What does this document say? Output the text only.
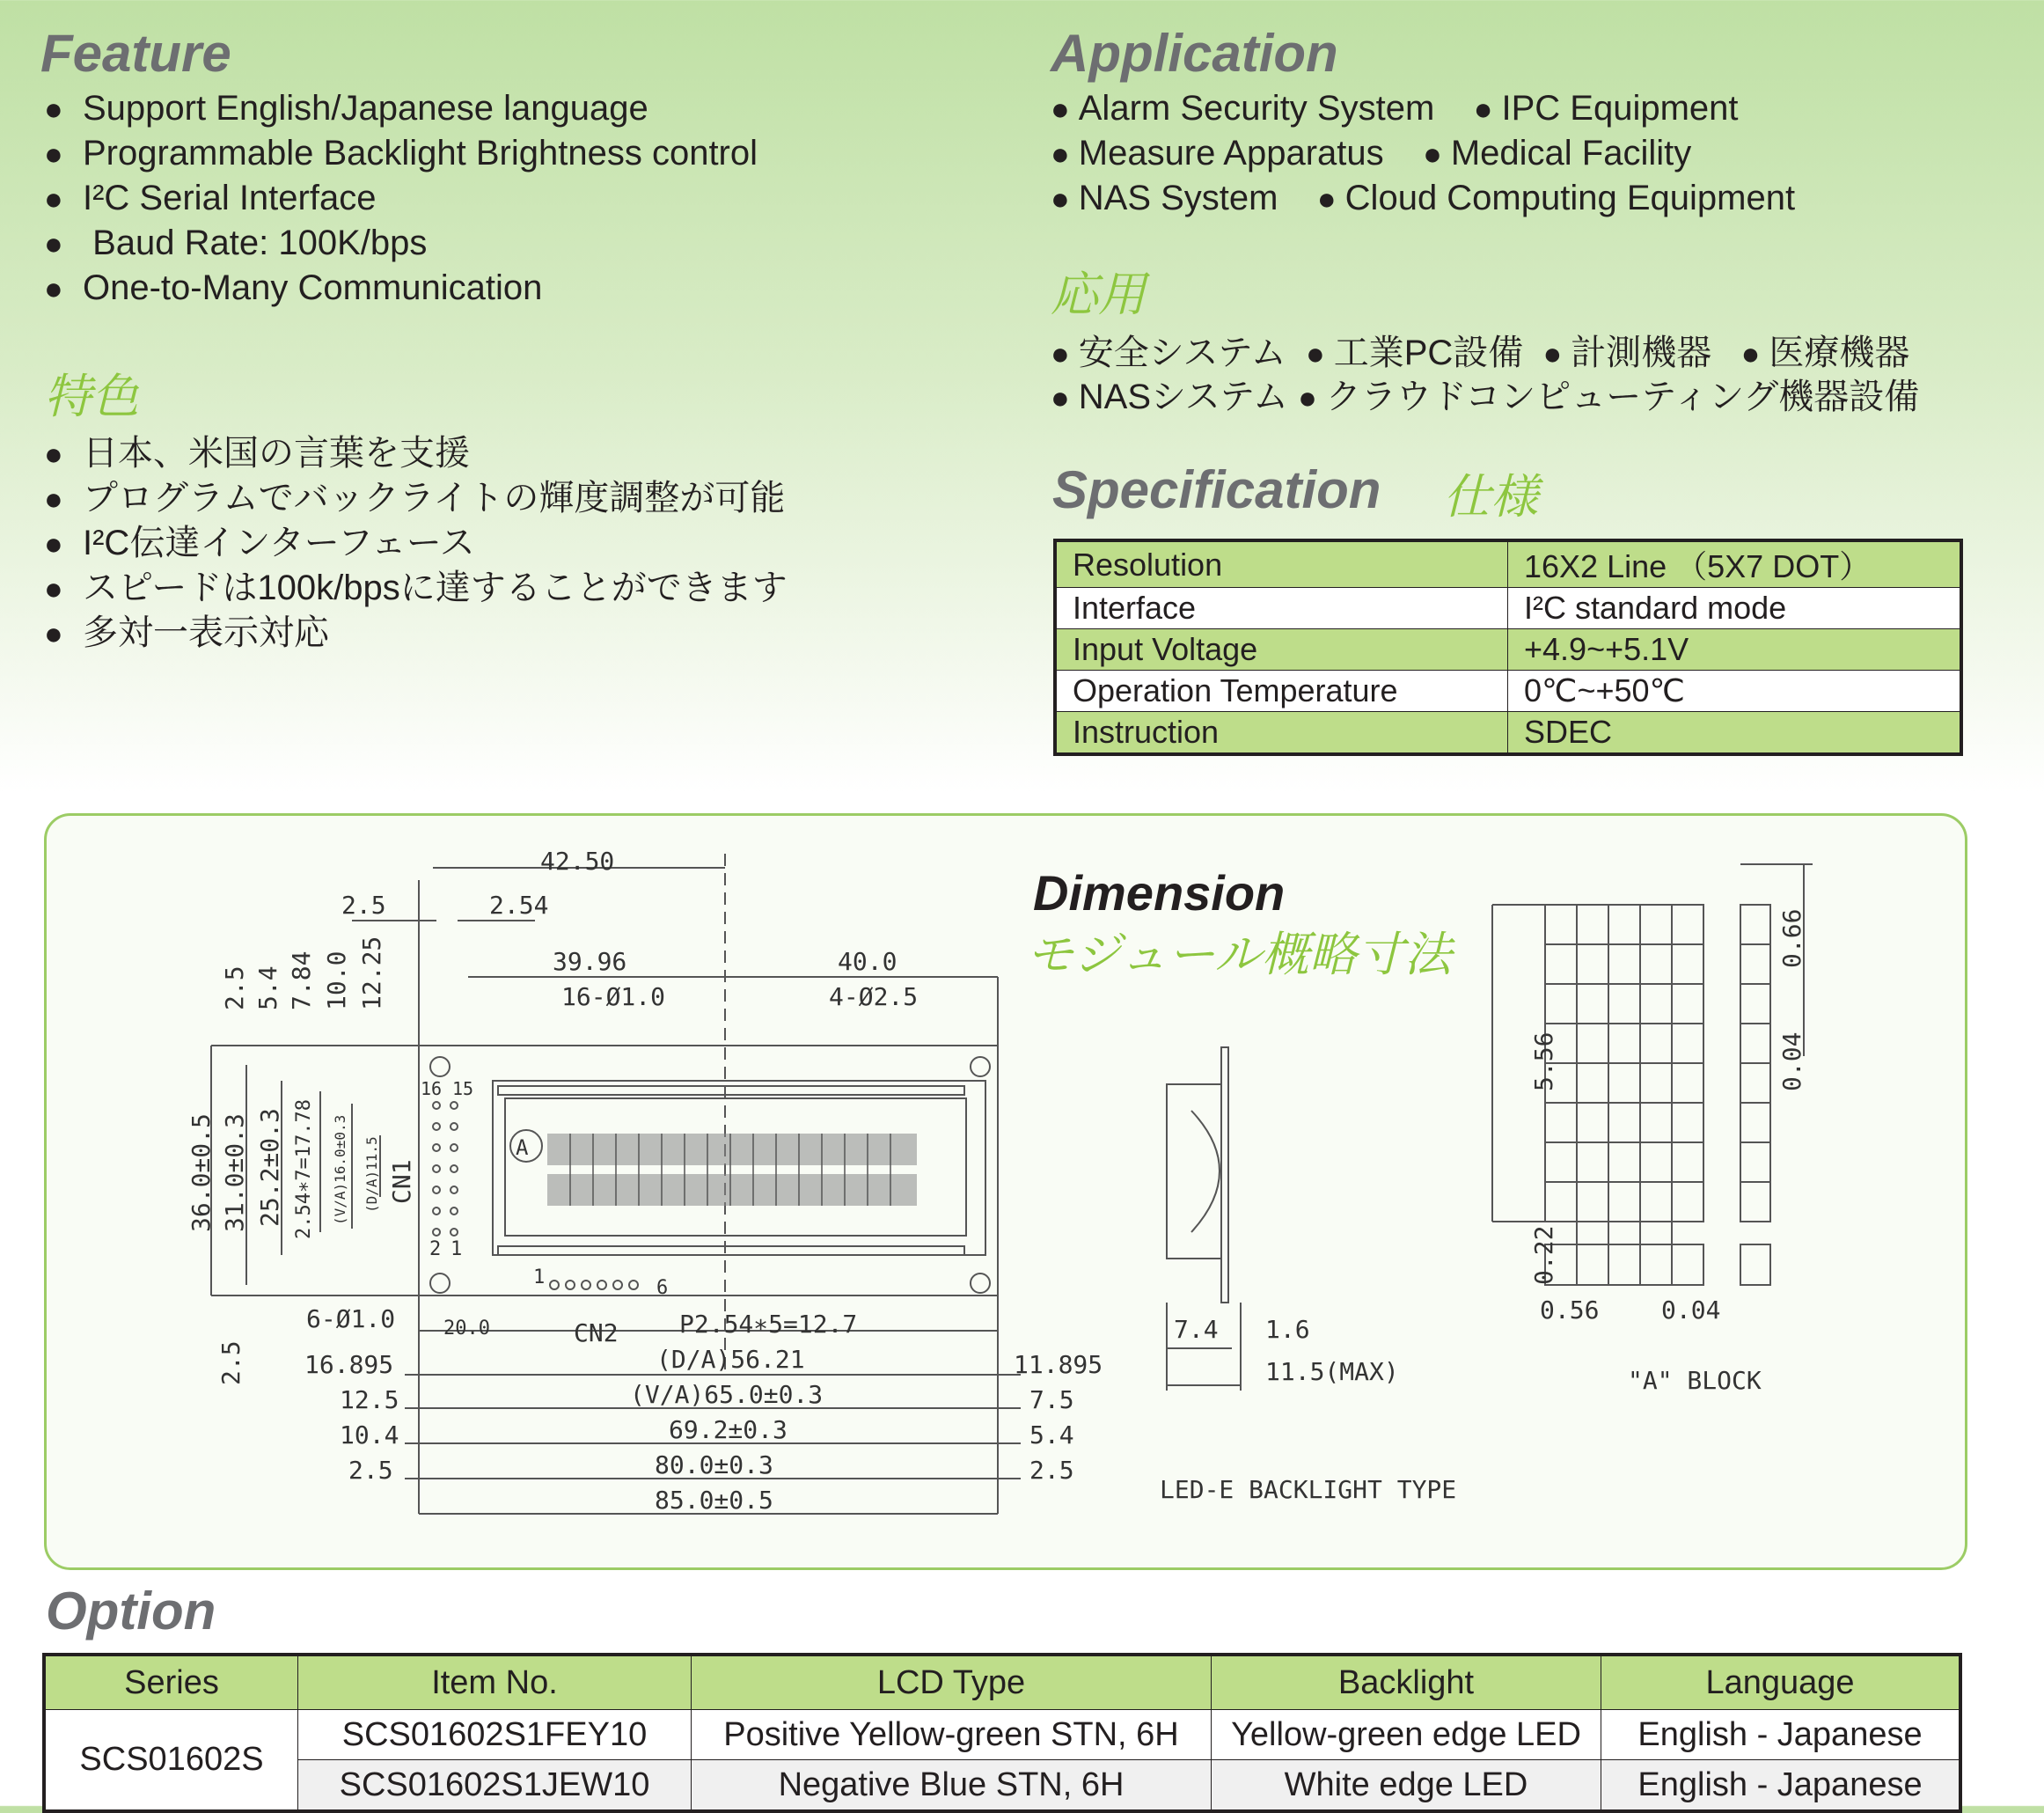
Feature
● Support English/Japanese language
● Programmable Backlight Brightness control
● I²C Serial Interface
● Baud Rate: 100K/bps
● One-to-Many Communication
特色
● 日本、米国の言葉を支援
● プログラムでバックライトの輝度調整が可能
● I²C伝達インターフェース
● スピードは100k/bpsに達することができます
● 多対一表示対応
Application
● Alarm Security System ● IPC Equipment
● Measure Apparatus ● Medical Facility
● NAS System ● Cloud Computing Equipment
応用
● 安全システム ● 工業PC設備 ● 計測機器 ● 医療機器
● NASシステム ● クラウドコンピューティング機器設備
Specification 仕様
Resolution	16X2 Line （5X7 DOT）
Interface	I²C standard mode
Input Voltage	+4.9~+5.1V
Operation Temperature	0℃~+50℃
Instruction	SDEC
Dimension
モジュール概略寸法
42.50
2.5	2.54
39.96	40.0
16-Ø1.0	4-Ø2.5
2.5 5.4 7.84 10.0 12.25
36.0±0.5 31.0±0.3 25.2±0.3 2.54∗7=17.78 (V/A)16.0±0.3 (D/A)11.5 CN1
16 15
2 1
1	6
A
6-Ø1.0 20.0	CN2 P2.54∗5=12.7
2.5 16.895
12.5
10.4
2.5
(D/A)56.21
(V/A)65.0±0.3
69.2±0.3
80.0±0.3
85.0±0.5
11.895
7.5
5.4
2.5
7.4 1.6
11.5(MAX)
LED-E BACKLIGHT TYPE
0.66
0.04
5.56
0.22
0.56	0.04
"A" BLOCK
Option
Series	Item No.	LCD Type	Backlight	Language
SCS01602S	SCS01602S1FEY10	Positive Yellow-green STN, 6H	Yellow-green edge LED	English - Japanese
	SCS01602S1JEW10	Negative Blue STN, 6H	White edge LED	English - Japanese
